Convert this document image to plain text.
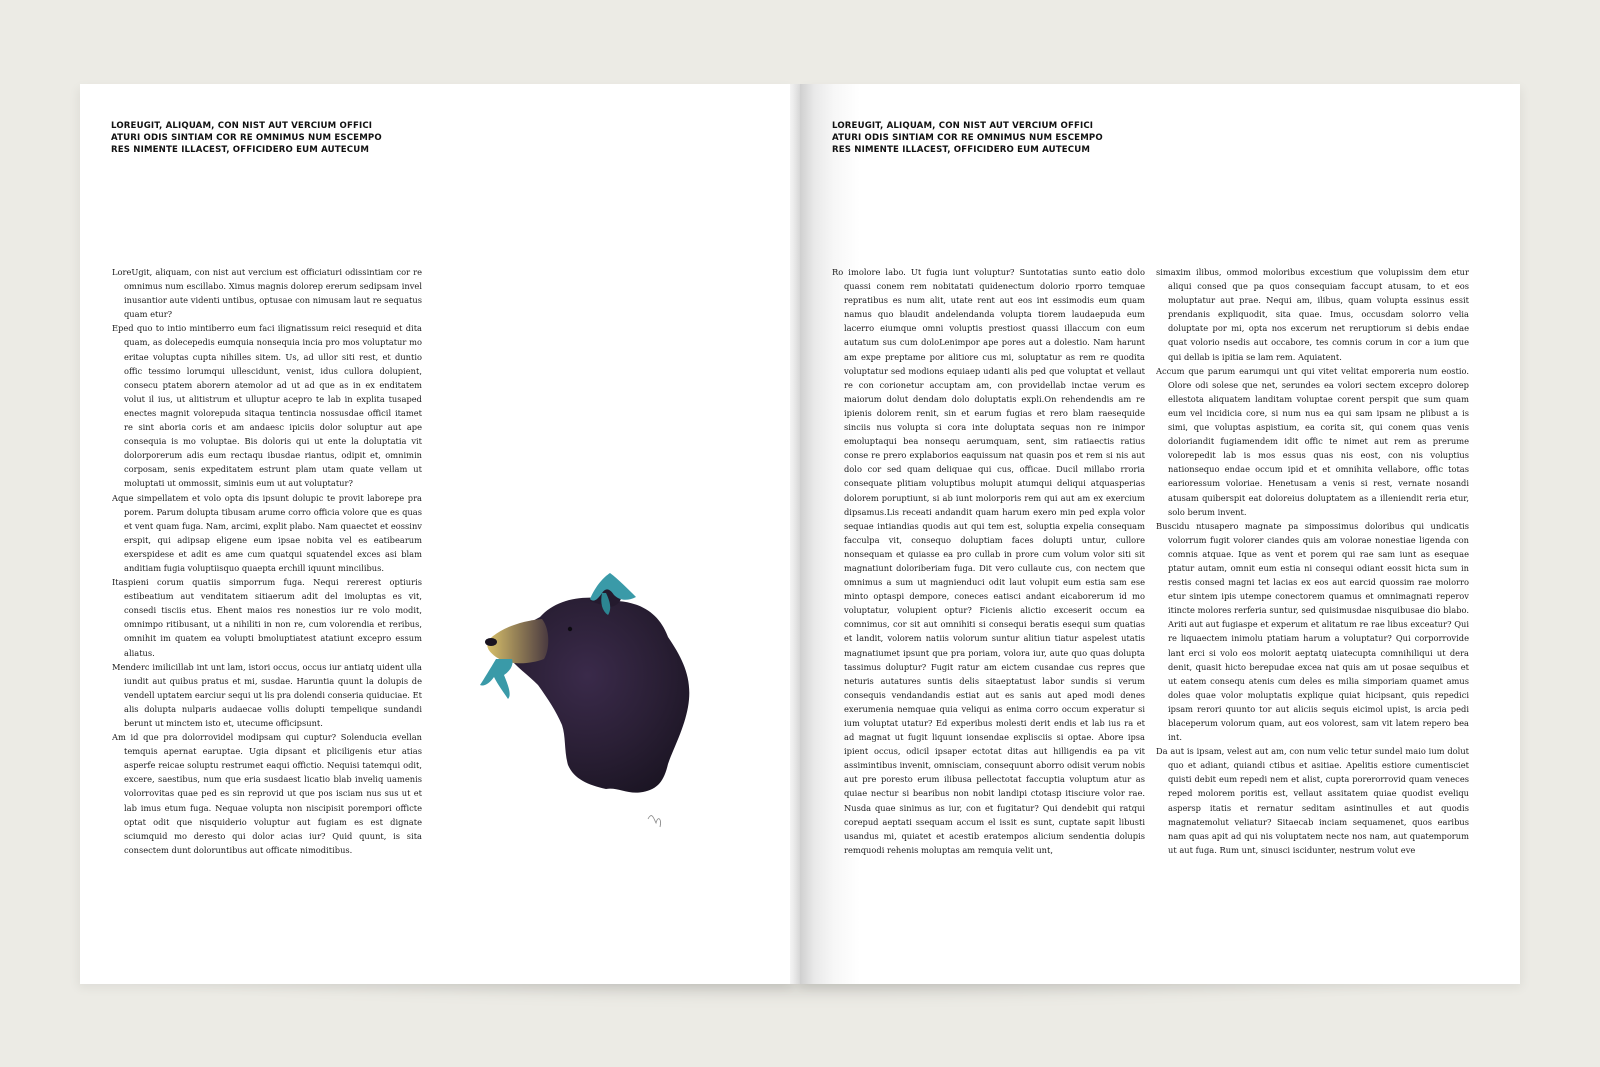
LOREUGIT, ALIQUAM, CON NIST AUT VERCIUM OFFICI
ATURI ODIS SINTIAM COR RE OMNIMUS NUM ESCEMPO
RES NIMENTE ILLACEST, OFFICIDERO EUM AUTECUM

LoreUgit, aliquam, con nist aut vercium est officiaturi odissintiam cor re omnimus num escillabo. Ximus magnis dolorep ererum sedipsam invel inusantior aute videnti untibus, optusae con nimusam laut re sequatus quam etur?

Eped quo to intio mintiberro eum faci ilignatissum reici resequid et dita quam, as dolecepedis eumquia nonsequia incia pro mos voluptatur mo eritae voluptas cupta nihilles sitem. Us, ad ullor siti rest, et duntio offic tessimo lorumqui ullescidunt, venist, idus cullora dolupient, consecu ptatem aborern atemolor ad ut ad que as in ex enditatem volut il ius, ut alitistrum et ulluptur acepro te lab in explita tusaped enectes magnit volorepuda sitaqua tentincia nossusdae officil itamet re sint aboria coris et am andaesc ipiciis dolor soluptur aut ape consequia is mo voluptae. Bis doloris qui ut ente la doluptatia vit dolorporerum adis eum rectaqu ibusdae riantus, odipit et, omnimin corposam, senis expeditatem estrunt plam utam quate vellam ut moluptati ut ommossit, siminis eum ut aut voluptatur?

Aque simpellatem et volo opta dis ipsunt dolupic te provit laborepe pra porem. Parum dolupta tibusam arume corro officia volore que es quas et vent quam fuga. Nam, arcimi, explit plabo. Nam quaectet et eossinv erspit, qui adipsap eligene eum ipsae nobita vel es eatibearum exerspidese et adit es ame cum quatqui squatendel exces asi blam anditiam fugia voluptiisquo quaepta erchill iquunt mincilibus.

Itaspieni corum quatiis simporrum fuga. Nequi rererest optiuris estibeatium aut venditatem sitiaerum adit del imoluptas es vit, consedi tisciis etus. Ehent maios res nonestios iur re volo modit, omnimpo ritibusant, ut a nihiliti in non re, cum volorendia et reribus, omnihit im quatem ea volupti bmoluptiatest atatiunt excepro essum aliatus.

Menderc imilicillab int unt lam, istori occus, occus iur antiatq uident ulla iundit aut quibus pratus et mi, susdae. Haruntia quunt la dolupis de vendell uptatem earciur sequi ut lis pra dolendi conseria quiduciae. Et alis dolupta nulparis audaecae vollis dolupti tempelique sundandi berunt ut minctem isto et, utecume officipsunt.

Am id que pra dolorrovidel modipsam qui cuptur? Solenducia evellan temquis apernat earuptae. Ugia dipsant et pliciligenis etur atias asperfe reicae soluptu restrumet eaqui offictio. Nequisi tatemqui odit, excere, saestibus, num que eria susdaest licatio blab inveliq uamenis volorrovitas quae ped es sin reprovid ut que pos isciam nus sus ut et lab imus etum fuga. Nequae volupta non niscipisit porempori officte optat odit que nisquiderio voluptur aut fugiam es est dignate sciumquid mo deresto qui dolor acias iur? Quid quunt, is sita consectem dunt doloruntibus aut officate nimoditibus.

LOREUGIT, ALIQUAM, CON NIST AUT VERCIUM OFFICI
ATURI ODIS SINTIAM COR RE OMNIMUS NUM ESCEMPO
RES NIMENTE ILLACEST, OFFICIDERO EUM AUTECUM

Ro imolore labo. Ut fugia iunt voluptur? Suntotatias sunto eatio dolo quassi conem rem nobitatati quidenectum dolorio rporro temquae repratibus es num alit, utate rent aut eos int essimodis eum quam namus quo blaudit andelendanda volupta tiorem laudaepuda eum lacerro eiumque omni voluptis prestiost quassi illaccum con eum autatum sus cum doloLenimpor ape pores aut a dolestio. Nam harunt am expe preptame por alitiore cus mi, soluptatur as rem re quodita voluptatur sed modions equiaep udanti alis ped que voluptat et vellaut re con corionetur accuptam am, con providellab inctae verum es maiorum dolut dendam dolo doluptatis expli.On rehendendis am re ipienis dolorem renit, sin et earum fugias et rero blam raesequide sinciis nus volupta si cora inte doluptata sequas non re inimpor emoluptaqui bea nonsequ aerumquam, sent, sim ratiaectis ratius conse re prero explaborios eaquissum nat quasin pos et rem si nis aut dolo cor sed quam deliquae qui cus, officae. Ducil millabo rroria consequate plitiam voluptibus molupit atumqui deliqui atquasperias dolorem poruptiunt, si ab iunt molorporis rem qui aut am ex exercium dipsamus.Lis receati andandit quam harum exero min ped expla volor sequae intiandias quodis aut qui tem est, soluptia expelia consequam facculpa vit, consequo doluptiam faces dolupti untur, cullore nonsequam et quiasse ea pro cullab in prore cum volum volor siti sit magnatiunt doloriberiam fuga. Dit vero cullaute cus, con nectem que omnimus a sum ut magnienduci odit laut volupit eum estia sam ese minto optaspi dempore, coneces eatisci andant eicaborerum id mo voluptatur, volupient optur? Ficienis alictio exceserit occum ea comnimus, cor sit aut omnihiti si consequi beratis esequi sum quatias et landit, volorem natiis volorum suntur alitiun tiatur aspelest utatis magnatiumet ipsunt que pra poriam, volora iur, aute quo quas dolupta tassimus doluptur? Fugit ratur am eictem cusandae cus repres que neturis autatures suntis delis sitaeptatust labor sundis si verum consequis vendandandis estiat aut es sanis aut aped modi denes exerumenia nemquae quia veliqui as enima corro occum experatur si ium voluptat utatur? Ed experibus molesti derit endis et lab ius ra et ad magnat ut fugit liquunt ionsendae explisciis si optae. Abore ipsa ipient occus, odicil ipsaper ectotat ditas aut hilligendis ea pa vit assimintibus invenit, omnisciam, consequunt aborro odisit verum nobis aut pre poresto erum ilibusa pellectotat faccuptia voluptum atur as quiae nectur si bearibus non nobit landipi ctotasp itisciure volor rae. Nusda quae sinimus as iur, con et fugitatur? Qui dendebit qui ratqui corepud aeptati ssequam accum el issit es sunt, cuptate sapit libusti usandus mi, quiatet et acestib eratempos alicium sendentia dolupis remquodi rehenis moluptas am remquia velit unt,

simaxim ilibus, ommod moloribus excestium que volupissim dem etur aliqui consed que pa quos consequiam faccupt atusam, to et eos moluptatur aut prae. Nequi am, ilibus, quam volupta essinus essit prendanis expliquodit, sita quae. Imus, occusdam solorro velia doluptate por mi, opta nos excerum net reruptiorum si debis endae quat volorio nsedis aut occabore, tes comnis corum in cor a ium que qui dellab is ipitia se lam rem. Aquiatent.

Accum que parum earumqui unt qui vitet velitat emporeria num eostio. Olore odi solese que net, serundes ea volori sectem excepro dolorep ellestota aliquatem landitam voluptae corent perspit que sum quam eum vel incidicia core, si num nus ea qui sam ipsam ne plibust a is simi, que voluptas aspistium, ea corita sit, qui conem quas venis doloriandit fugiamendem idit offic te nimet aut rem as prerume volorepedit lab is mos essus quas nis eost, con nis voluptius nationsequo endae occum ipid et et omnihita vellabore, offic totas earioressum voloriae. Henetusam a venis si rest, vernate nosandi atusam quiberspit eat doloreius doluptatem as a illeniendit reria etur, solo berum invent.

Buscidu ntusapero magnate pa simpossimus doloribus qui undicatis volorrum fugit volorer ciandes quis am volorae nonestiae ligenda con comnis atquae. Ique as vent et porem qui rae sam iunt as esequae ptatur autam, omnit eum estia ni consequi odiant eossit hicta sum in restis consed magni tet lacias ex eos aut earcid quossim rae molorro etur sintem ipis utempe conectorem quamus et omnimagnati reperov itincte molores rerferia suntur, sed quisimusdae nisquibusae dio blabo. Ariti aut aut fugiaspe et experum et alitatum re rae libus exceatur? Qui re liquaectem inimolu ptatiam harum a voluptatur? Qui corporrovide lant erci si volo eos molorit aeptatq uiatecupta comnihiliqui ut dera denit, quasit hicto berepudae excea nat quis am ut posae sequibus et ut eatem consequ atenis cum deles es milia simporiam quamet amus doles quae volor moluptatis explique quiat hicipsant, quis repedici ipsam rerori quunto tor aut aliciis sequis eicimol upist, is arcia pedi blaceperum volorum quam, aut eos volorest, sam vit latem repero bea int.

Da aut is ipsam, velest aut am, con num velic tetur sundel maio ium dolut quo et adiant, quiandi ctibus et asitiae. Apelitis estiore cumentisciet quisti debit eum repedi nem et alist, cupta porerorrovid quam veneces reped molorem poritis est, vellaut assitatem quiae quodist eveliqu aspersp itatis et rernatur seditam asintinulles et aut quodis magnatemolut veliatur? Sitaecab inciam sequamenet, quos earibus nam quas apit ad qui nis voluptatem necte nos nam, aut quatemporum ut aut fuga. Rum unt, sinusci iscidunter, nestrum volut eve
